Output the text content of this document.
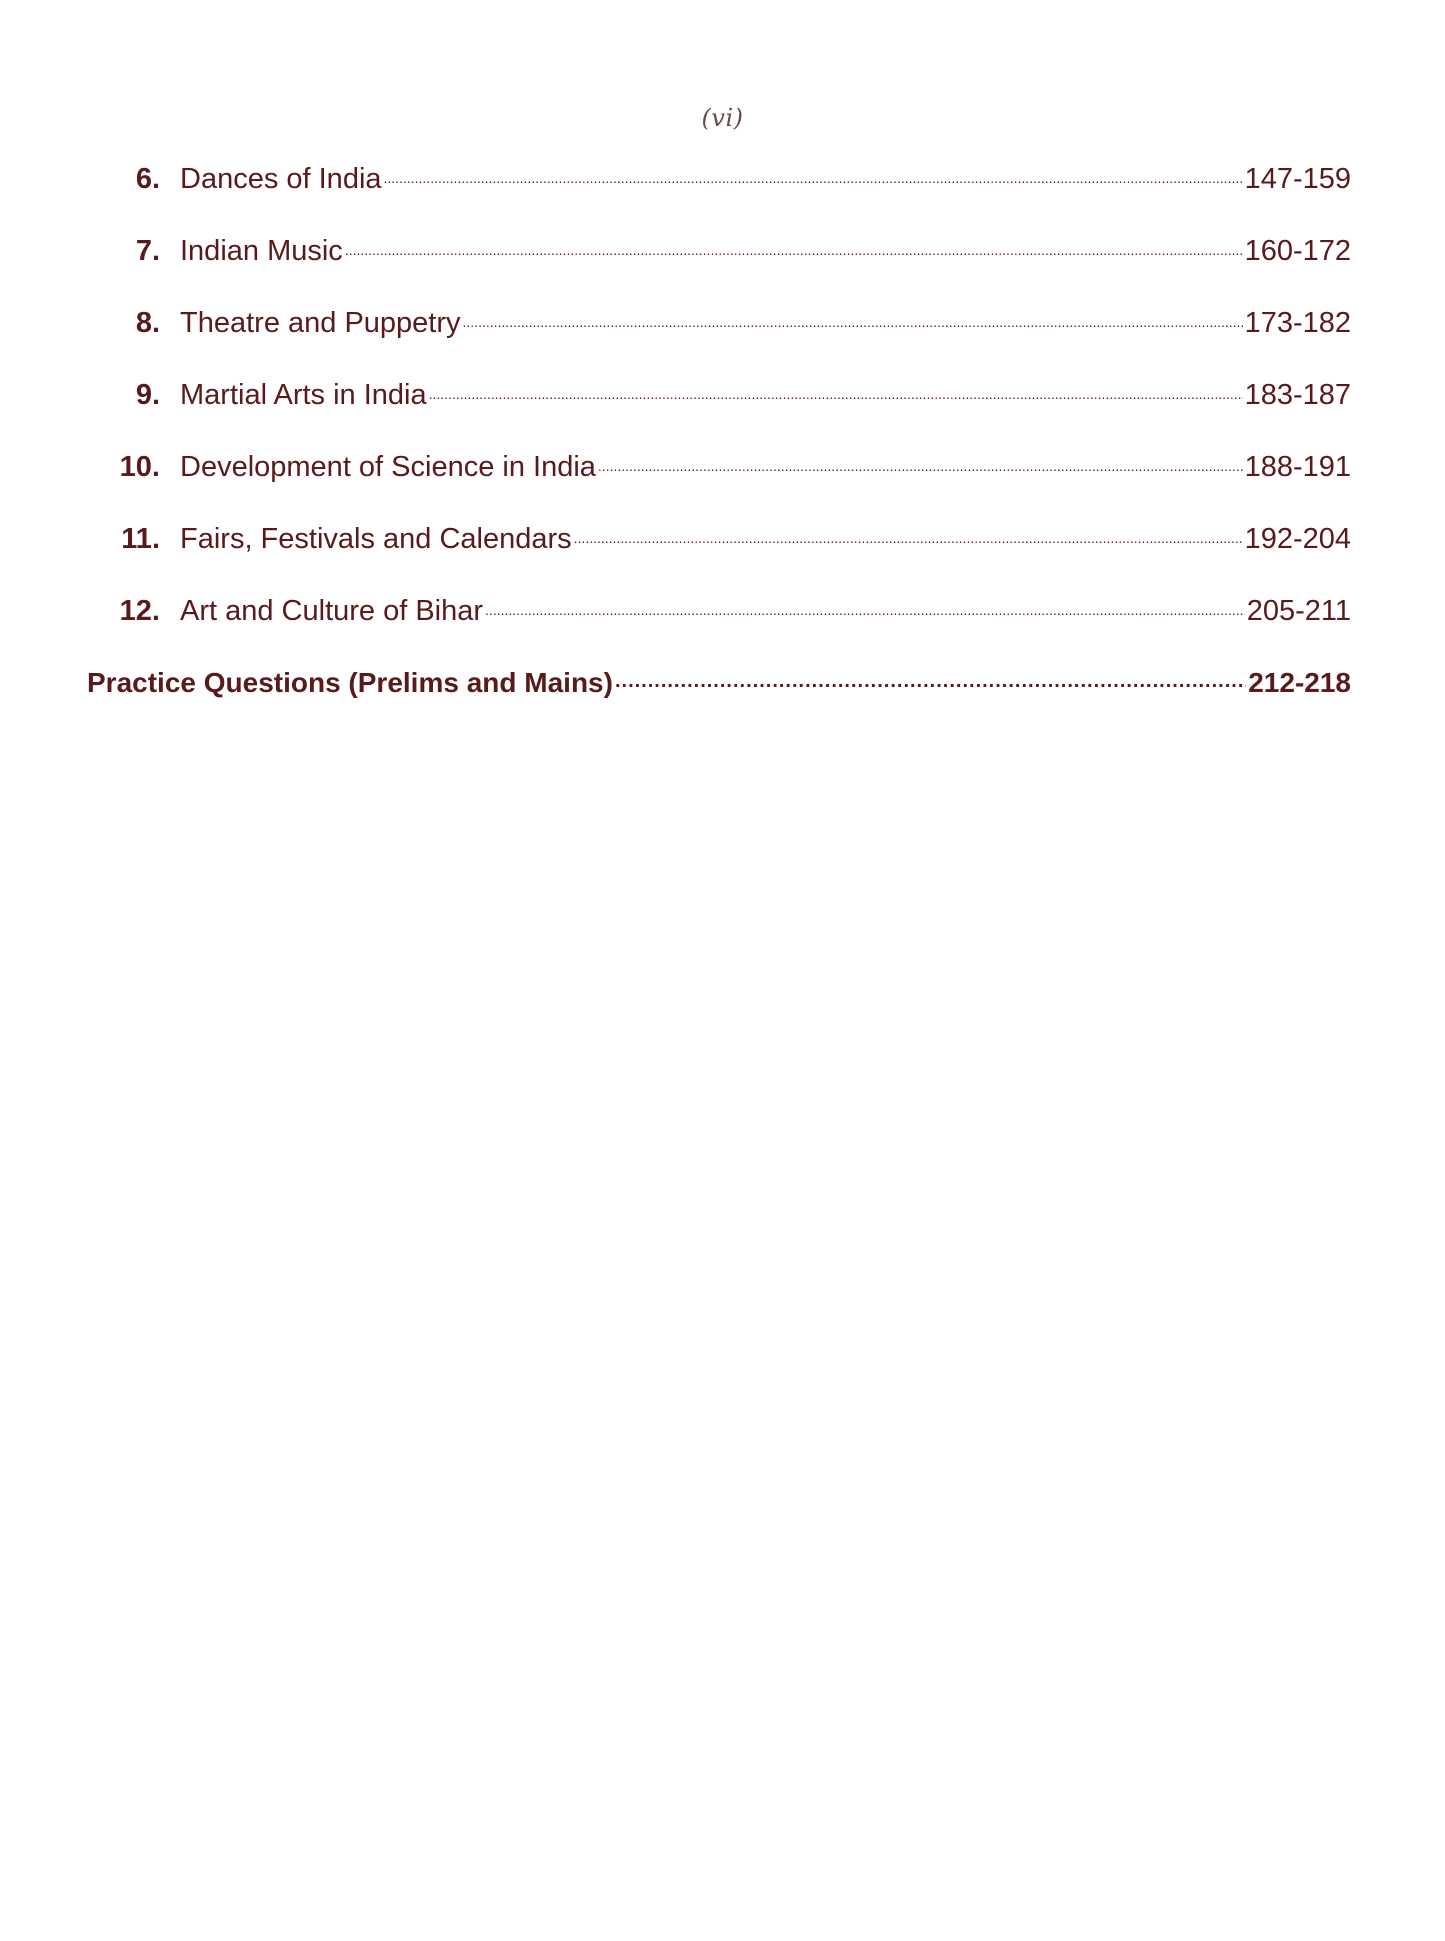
(vi)
6. Dances of India .....	147-159
7. Indian Music .....	160-172
8. Theatre and Puppetry .....	173-182
9. Martial Arts in India .....	183-187
10. Development of Science in India .....	188-191
11. Fairs, Festivals and Calendars .....	192-204
12. Art and Culture of Bihar .....	205-211
Practice Questions (Prelims and Mains) .....	212-218
